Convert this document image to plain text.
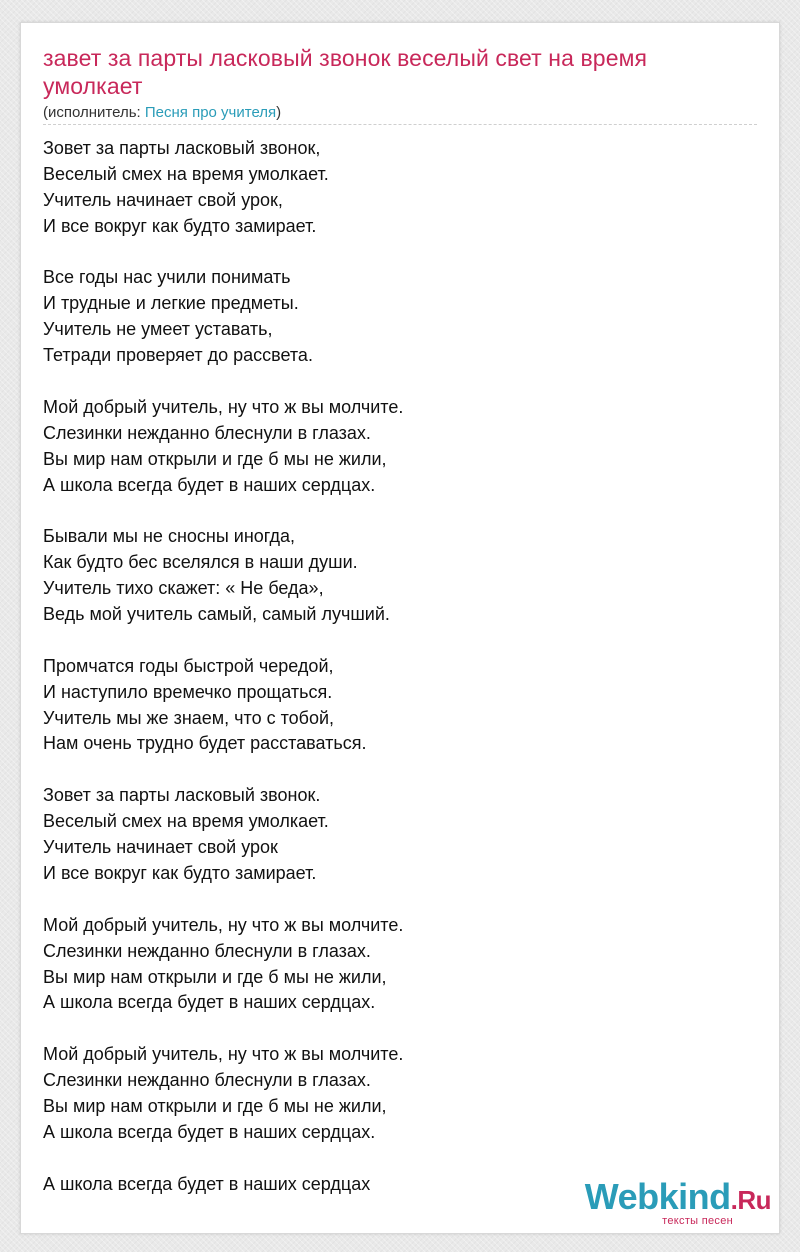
завет за парты ласковый звонок веселый свет на время умолкает
(исполнитель: Песня про учителя)
Зовет за парты ласковый звонок,
Веселый смех на время умолкает.
Учитель начинает свой урок,
И все вокруг как будто замирает.
Все годы нас учили понимать
И трудные и легкие предметы.
Учитель не умеет уставать,
Тетради проверяет до рассвета.
Мой добрый учитель, ну что ж вы молчите.
Слезинки нежданно блеснули в глазах.
Вы мир нам открыли и где б мы не жили,
А школа всегда будет в наших сердцах.
Бывали мы не сносны иногда,
Как будто бес вселялся в наши души.
Учитель тихо скажет: « Не беда»,
Ведь мой учитель самый, самый лучший.
Промчатся годы быстрой чередой,
И наступило времечко прощаться.
Учитель мы же знаем, что с тобой,
Нам очень трудно будет расставаться.
Зовет за парты ласковый звонок.
Веселый смех на время умолкает.
Учитель начинает свой урок
И все вокруг как будто замирает.
Мой добрый учитель, ну что ж вы молчите.
Слезинки нежданно блеснули в глазах.
Вы мир нам открыли и где б мы не жили,
А школа всегда будет в наших сердцах.
Мой добрый учитель, ну что ж вы молчите.
Слезинки нежданно блеснули в глазах.
Вы мир нам открыли и где б мы не жили,
А школа всегда будет в наших сердцах.
А школа всегда будет в наших сердцах	Webkind.Ru
тексты песен
